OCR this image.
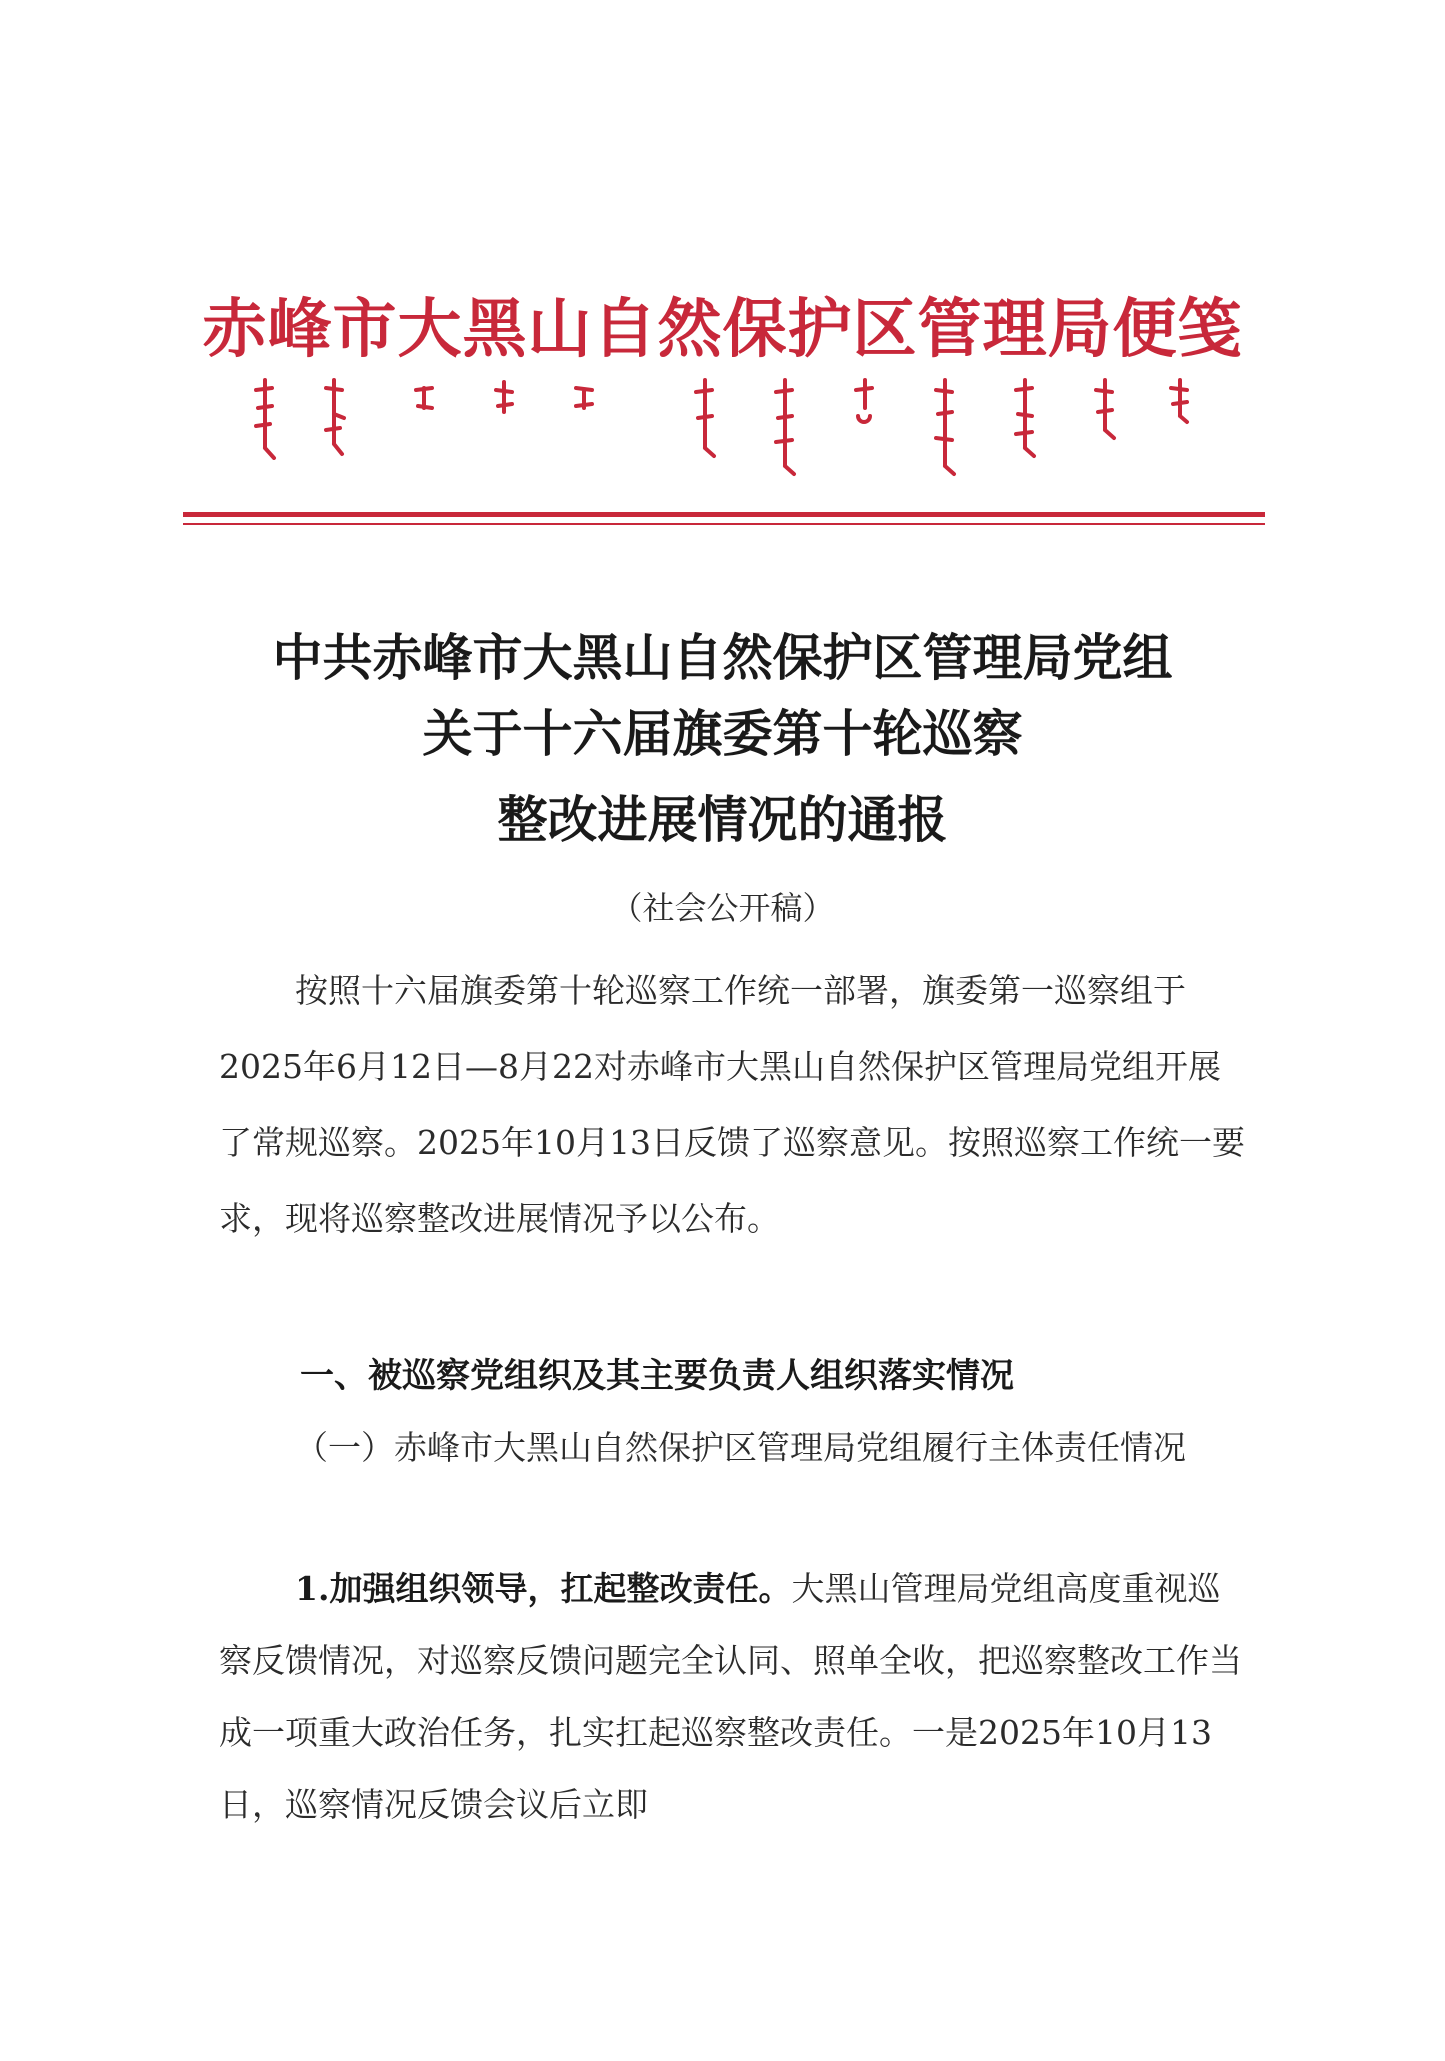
赤峰市大黑山自然保护区管理局便笺
中共赤峰市大黑山自然保护区管理局党组
关于十六届旗委第十轮巡察
整改进展情况的通报
（社会公开稿）
按照十六届旗委第十轮巡察工作统一部署，旗委第一巡察组于2025年6月12日—8月22对赤峰市大黑山自然保护区管理局党组开展了常规巡察。2025年10月13日反馈了巡察意见。按照巡察工作统一要求，现将巡察整改进展情况予以公布。
一、被巡察党组织及其主要负责人组织落实情况
（一）赤峰市大黑山自然保护区管理局党组履行主体责任情况
1.加强组织领导，扛起整改责任。大黑山管理局党组高度重视巡察反馈情况，对巡察反馈问题完全认同、照单全收，把巡察整改工作当成一项重大政治任务，扎实扛起巡察整改责任。一是2025年10月13日，巡察情况反馈会议后立即
